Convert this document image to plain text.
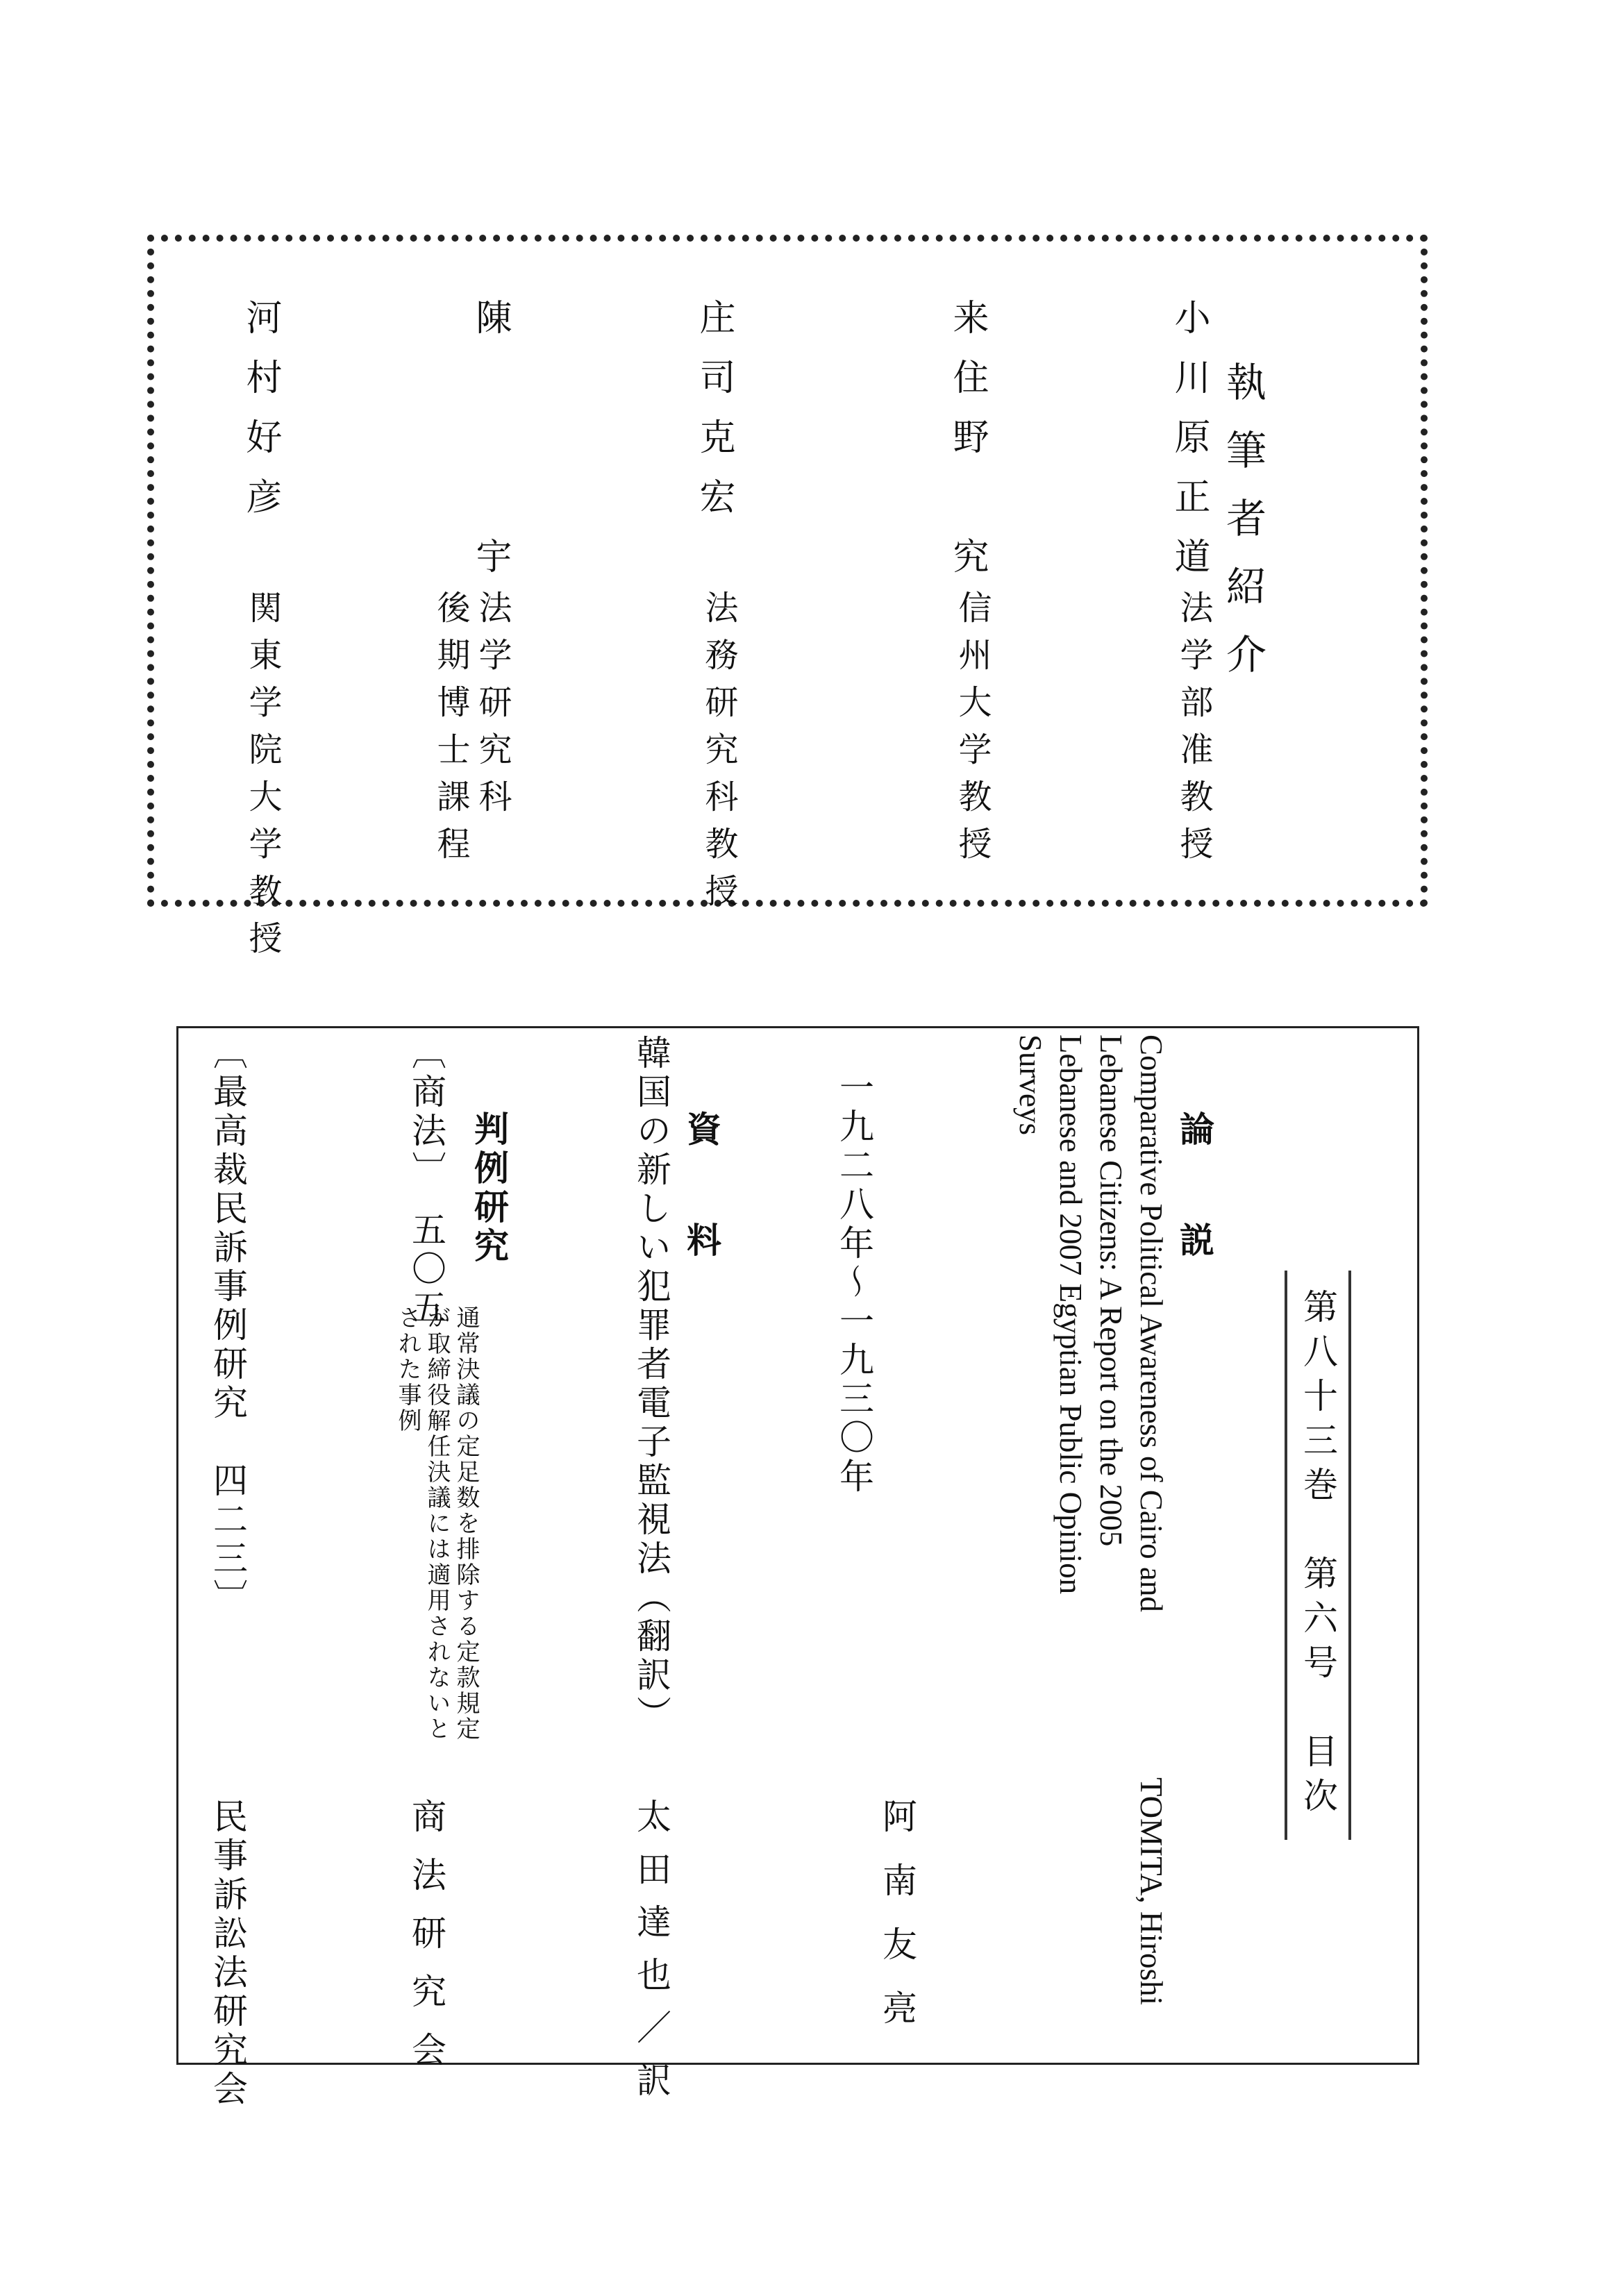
執筆者紹介
小川原正道
法学部准教授
来住野　究
信州大学教授
庄司克宏
法務研究科教授
陳　　　宇
法学研究科
後期博士課程
河村好彦
関東学院大学教授
第八十三巻　第六号　目次
論　説
Comparative Political Awareness of Cairo and
Lebanese Citizens: A Report on the 2005
Lebanese and 2007 Egyptian Public Opinion
Surveys
TOMITA, Hiroshi
一九二八年～一九三〇年
阿南友亮
資　料
韓国の新しい犯罪者電子監視法（翻訳）
太田達也／訳
判例研究
〔商法〕　五〇五
通常決議の定足数を排除する定款規定
が取締役解任決議には適用されないと
された事例
商法研究会
〔最高裁民訴事例研究　四二三〕
民事訴訟法研究会
